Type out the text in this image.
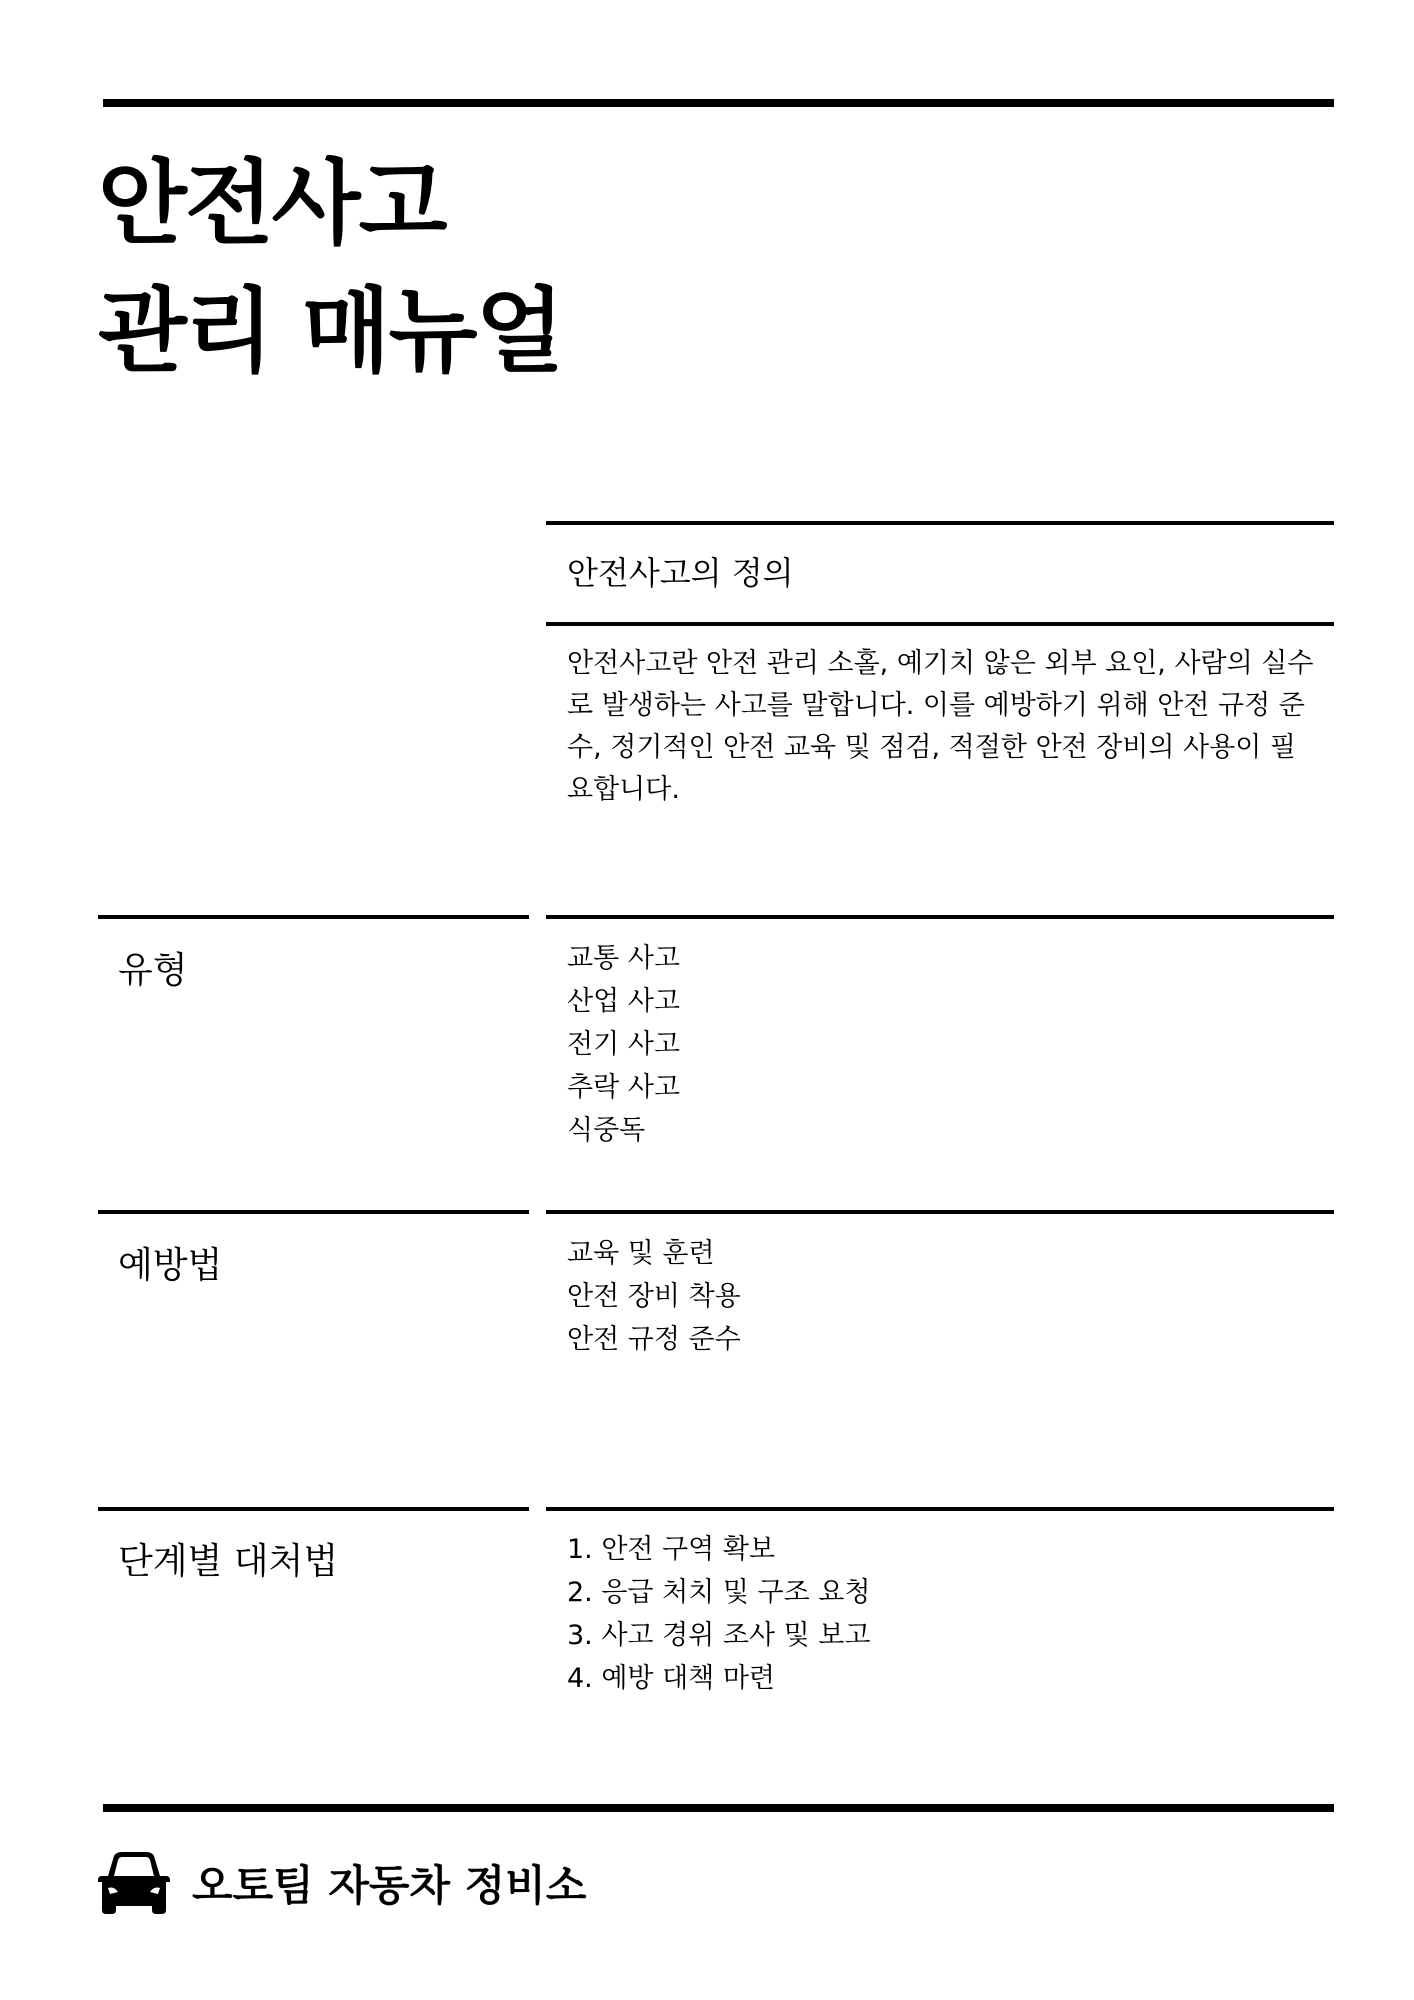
안전사고
관리 매뉴얼
안전사고의 정의
안전사고란 안전 관리 소홀, 예기치 않은 외부 요인, 사람의 실수로 발생하는 사고를 말합니다. 이를 예방하기 위해 안전 규정 준수, 정기적인 안전 교육 및 점검, 적절한 안전 장비의 사용이 필요합니다.
유형	교통 사고
산업 사고
전기 사고
추락 사고
식중독
예방법	교육 및 훈련
안전 장비 착용
안전 규정 준수
단계별 대처법	1. 안전 구역 확보
2. 응급 처치 및 구조 요청
3. 사고 경위 조사 및 보고
4. 예방 대책 마련
오토팀 자동차 정비소
